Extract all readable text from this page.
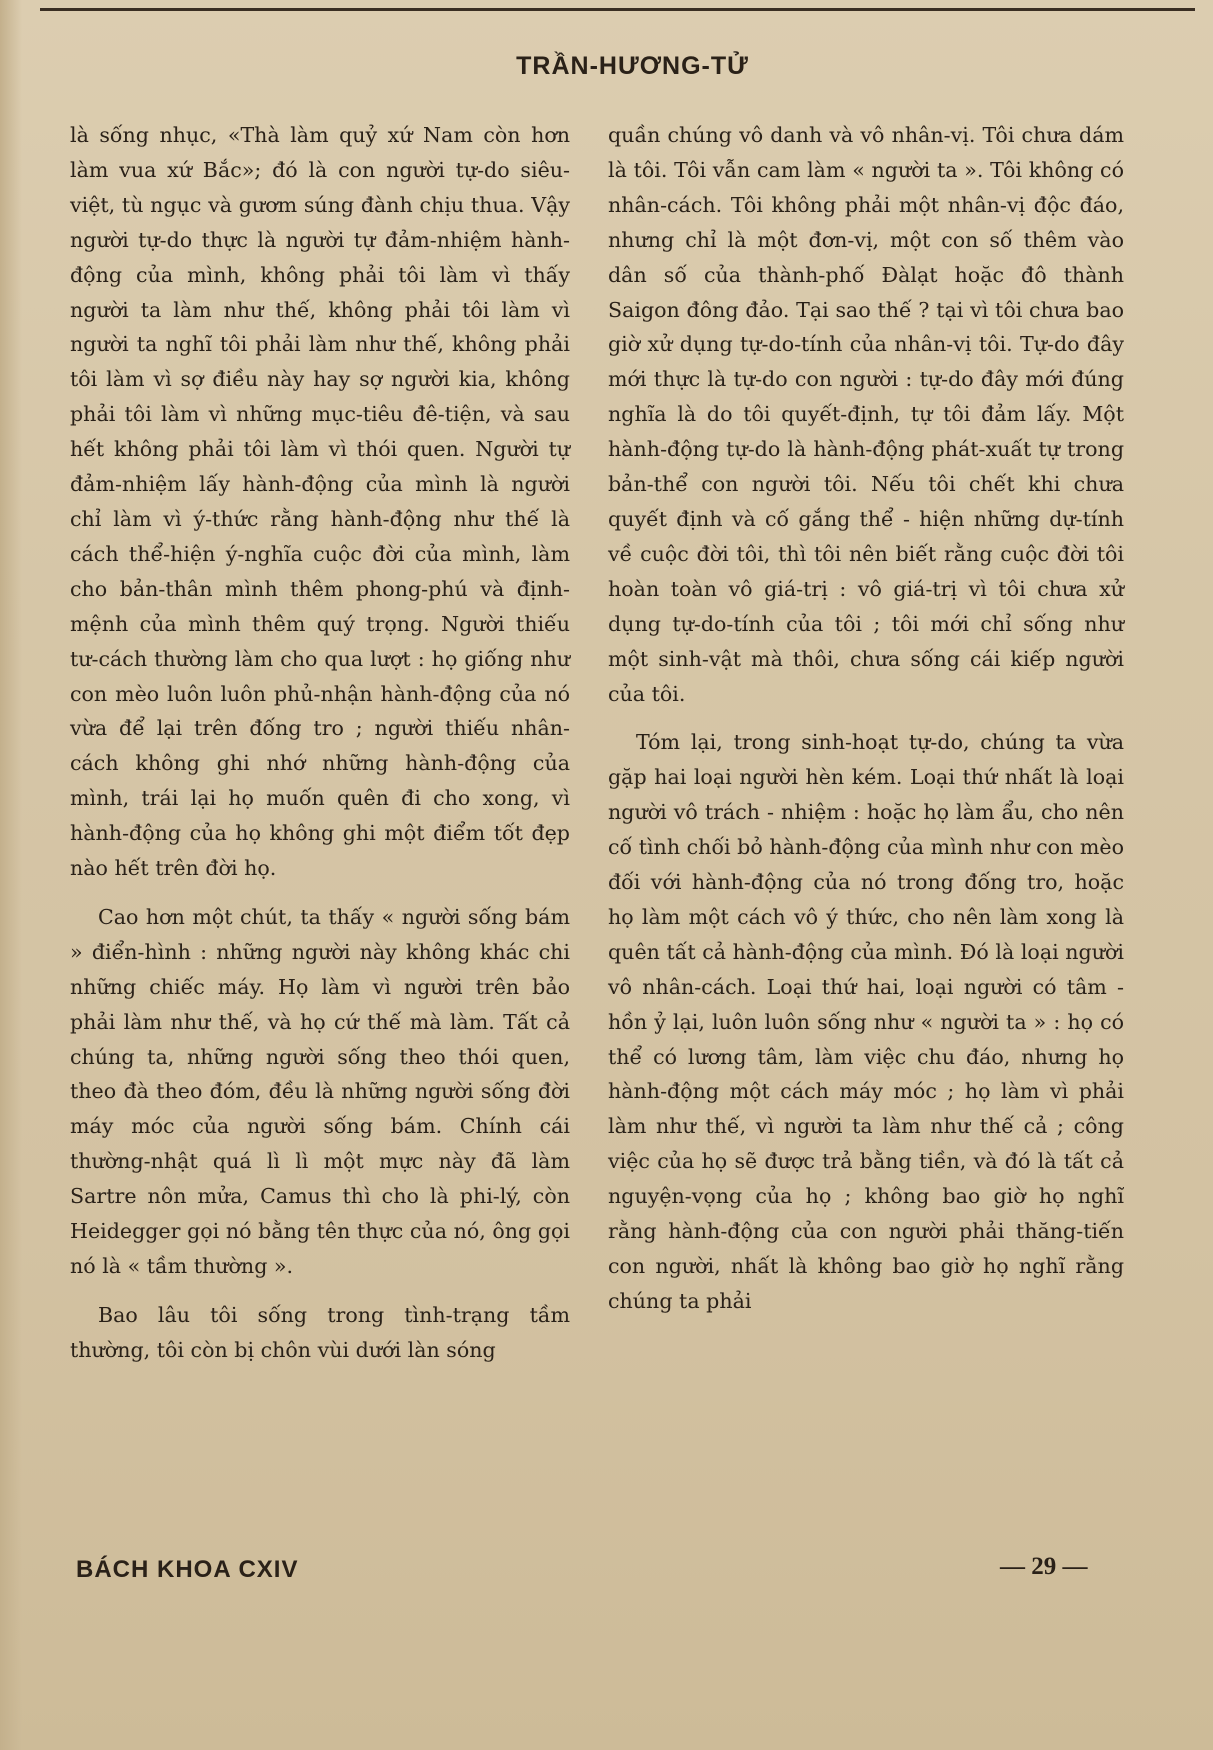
TRẦN-HƯƠNG-TỬ

là sống nhục, «Thà làm quỷ xứ Nam còn hơn làm vua xứ Bắc»; đó là con người tự-do siêu-việt, tù ngục và gươm súng đành chịu thua. Vậy người tự-do thực là người tự đảm-nhiệm hành-động của mình, không phải tôi làm vì thấy người ta làm như thế, không phải tôi làm vì người ta nghĩ tôi phải làm như thế, không phải tôi làm vì sợ điều này hay sợ người kia, không phải tôi làm vì những mục-tiêu đê-tiện, và sau hết không phải tôi làm vì thói quen. Người tự đảm-nhiệm lấy hành-động của mình là người chỉ làm vì ý-thức rằng hành-động như thế là cách thể-hiện ý-nghĩa cuộc đời của mình, làm cho bản-thân mình thêm phong-phú và định-mệnh của mình thêm quý trọng. Người thiếu tư-cách thường làm cho qua lượt : họ giống như con mèo luôn luôn phủ-nhận hành-động của nó vừa để lại trên đống tro ; người thiếu nhân-cách không ghi nhớ những hành-động của mình, trái lại họ muốn quên đi cho xong, vì hành-động của họ không ghi một điểm tốt đẹp nào hết trên đời họ.

Cao hơn một chút, ta thấy « người sống bám » điển-hình : những người này không khác chi những chiếc máy. Họ làm vì người trên bảo phải làm như thế, và họ cứ thế mà làm. Tất cả chúng ta, những người sống theo thói quen, theo đà theo đóm, đều là những người sống đời máy móc của người sống bám. Chính cái thường-nhật quá lì lì một mực này đã làm Sartre nôn mửa, Camus thì cho là phi-lý, còn Heidegger gọi nó bằng tên thực của nó, ông gọi nó là « tầm thường ».

Bao lâu tôi sống trong tình-trạng tầm thường, tôi còn bị chôn vùi dưới làn sóng

quần chúng vô danh và vô nhân-vị. Tôi chưa dám là tôi. Tôi vẫn cam làm « người ta ». Tôi không có nhân-cách. Tôi không phải một nhân-vị độc đáo, nhưng chỉ là một đơn-vị, một con số thêm vào dân số của thành-phố Đàlạt hoặc đô thành Saigon đông đảo. Tại sao thế ? tại vì tôi chưa bao giờ xử dụng tự-do-tính của nhân-vị tôi. Tự-do đây mới thực là tự-do con người : tự-do đây mới đúng nghĩa là do tôi quyết-định, tự tôi đảm lấy. Một hành-động tự-do là hành-động phát-xuất tự trong bản-thể con người tôi. Nếu tôi chết khi chưa quyết định và cố gắng thể - hiện những dự-tính về cuộc đời tôi, thì tôi nên biết rằng cuộc đời tôi hoàn toàn vô giá-trị : vô giá-trị vì tôi chưa xử dụng tự-do-tính của tôi ; tôi mới chỉ sống như một sinh-vật mà thôi, chưa sống cái kiếp người của tôi.

Tóm lại, trong sinh-hoạt tự-do, chúng ta vừa gặp hai loại người hèn kém. Loại thứ nhất là loại người vô trách - nhiệm : hoặc họ làm ẩu, cho nên cố tình chối bỏ hành-động của mình như con mèo đối với hành-động của nó trong đống tro, hoặc họ làm một cách vô ý thức, cho nên làm xong là quên tất cả hành-động của mình. Đó là loại người vô nhân-cách. Loại thứ hai, loại người có tâm - hồn ỷ lại, luôn luôn sống như « người ta » : họ có thể có lương tâm, làm việc chu đáo, nhưng họ hành-động một cách máy móc ; họ làm vì phải làm như thế, vì người ta làm như thế cả ; công việc của họ sẽ được trả bằng tiền, và đó là tất cả nguyện-vọng của họ ; không bao giờ họ nghĩ rằng hành-động của con người phải thăng-tiến con người, nhất là không bao giờ họ nghĩ rằng chúng ta phải

BÁCH KHOA CXIV	— 29 —
